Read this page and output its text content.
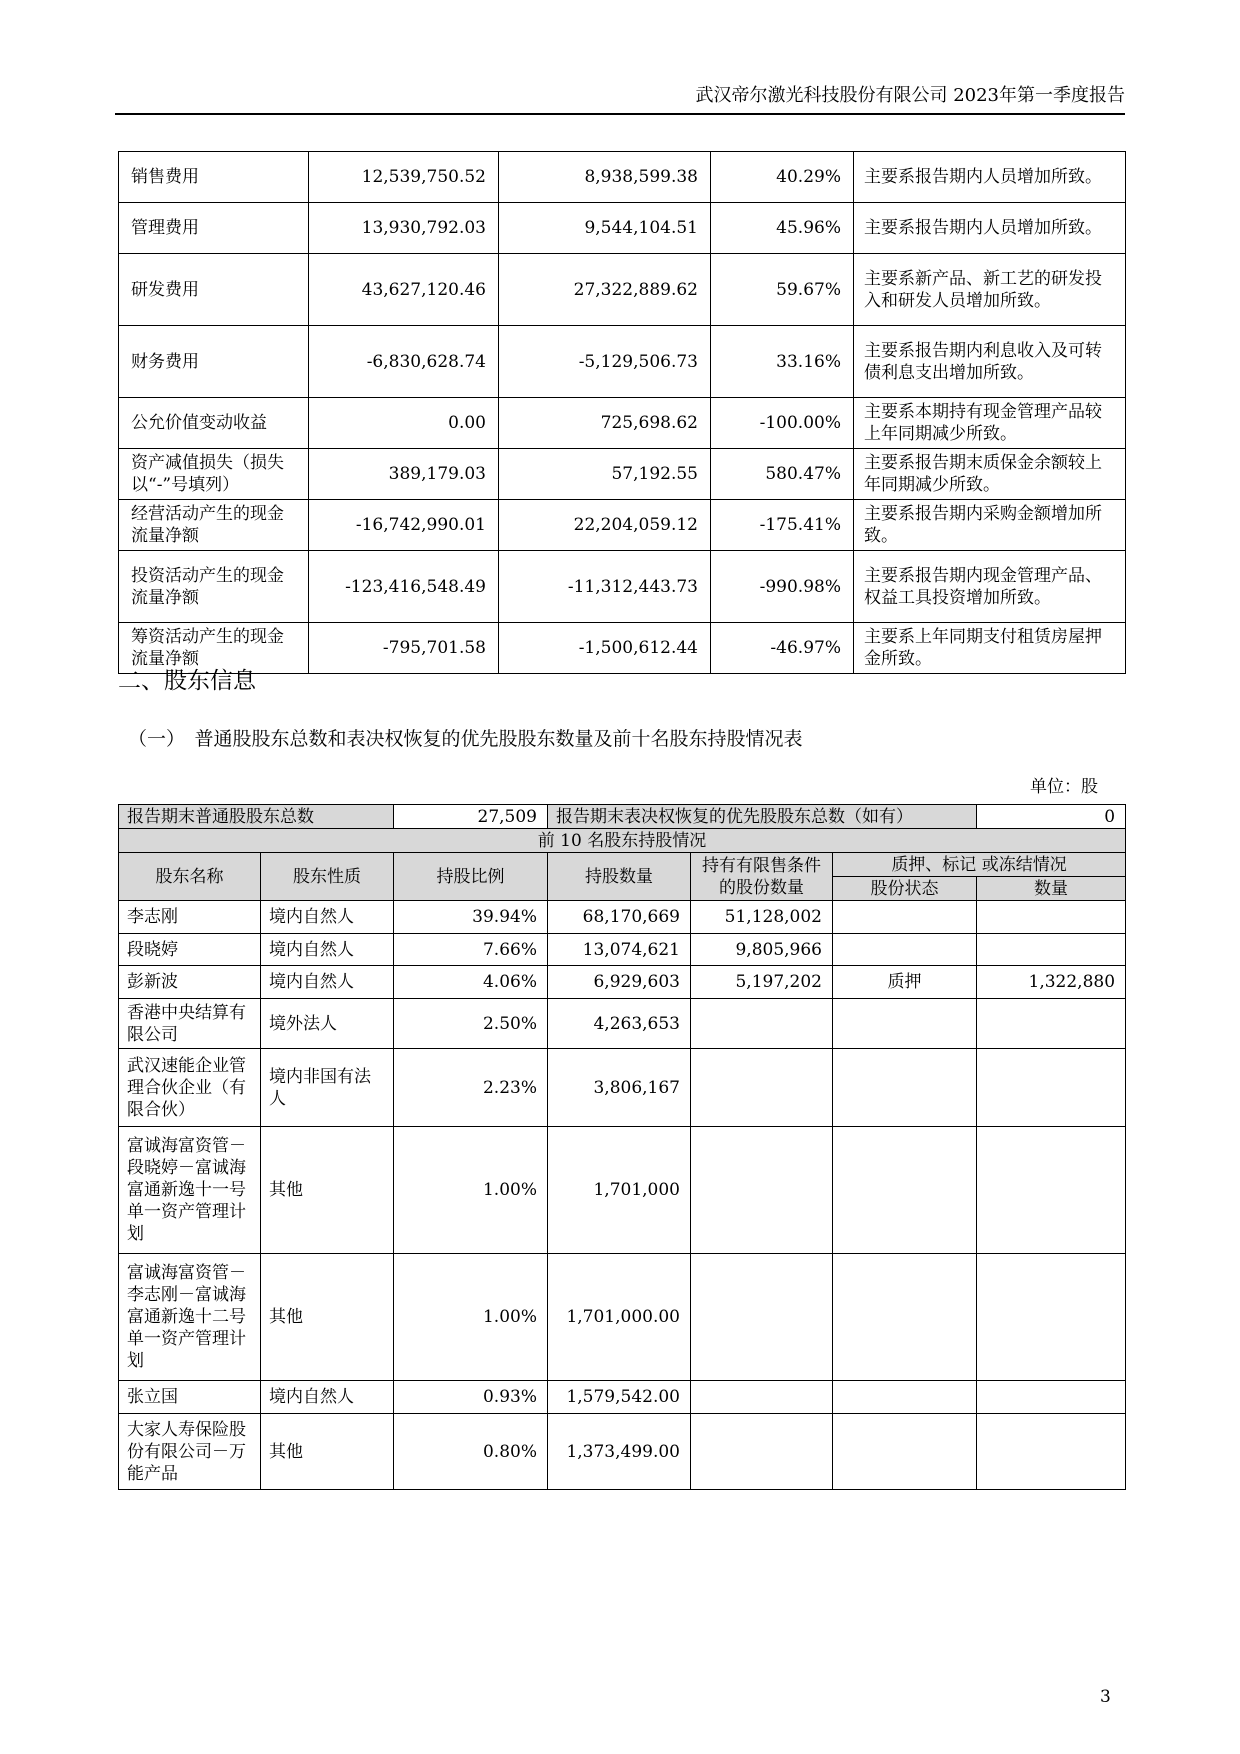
武汉帝尔激光科技股份有限公司 2023年第一季度报告
销售费用	12,539,750.52	8,938,599.38	40.29%	主要系报告期内人员增加所致。
管理费用	13,930,792.03	9,544,104.51	45.96%	主要系报告期内人员增加所致。
研发费用	43,627,120.46	27,322,889.62	59.67%	主要系新产品、新工艺的研发投入和研发人员增加所致。
财务费用	-6,830,628.74	-5,129,506.73	33.16%	主要系报告期内利息收入及可转债利息支出增加所致。
公允价值变动收益	0.00	725,698.62	-100.00%	主要系本期持有现金管理产品较上年同期减少所致。
资产减值损失（损失以“-”号填列）	389,179.03	57,192.55	580.47%	主要系报告期末质保金余额较上年同期减少所致。
经营活动产生的现金流量净额	-16,742,990.01	22,204,059.12	-175.41%	主要系报告期内采购金额增加所致。
投资活动产生的现金流量净额	-123,416,548.49	-11,312,443.73	-990.98%	主要系报告期内现金管理产品、权益工具投资增加所致。
筹资活动产生的现金流量净额	-795,701.58	-1,500,612.44	-46.97%	主要系上年同期支付租赁房屋押金所致。
二、股东信息
（一）　普通股股东总数和表决权恢复的优先股股东数量及前十名股东持股情况表
单位：股
报告期末普通股股东总数		27,509	报告期末表决权恢复的优先股股东总数（如有）			0
前 10 名股东持股情况						
股东名称	股东性质	持股比例	持股数量	持有有限售条件的股份数量	质押、标记 或冻结情况	
					股份状态	数量
李志刚	境内自然人	39.94%	68,170,669	51,128,002		
段晓婷	境内自然人	7.66%	13,074,621	9,805,966		
彭新波	境内自然人	4.06%	6,929,603	5,197,202	质押	1,322,880
香港中央结算有限公司	境外法人	2.50%	4,263,653			
武汉速能企业管理合伙企业（有限合伙）	境内非国有法人	2.23%	3,806,167			
富诚海富资管－段晓婷－富诚海富通新逸十一号单一资产管理计划	其他	1.00%	1,701,000			
富诚海富资管－李志刚－富诚海富通新逸十二号单一资产管理计划	其他	1.00%	1,701,000.00			
张立国	境内自然人	0.93%	1,579,542.00			
大家人寿保险股份有限公司－万能产品	其他	0.80%	1,373,499.00			
3
